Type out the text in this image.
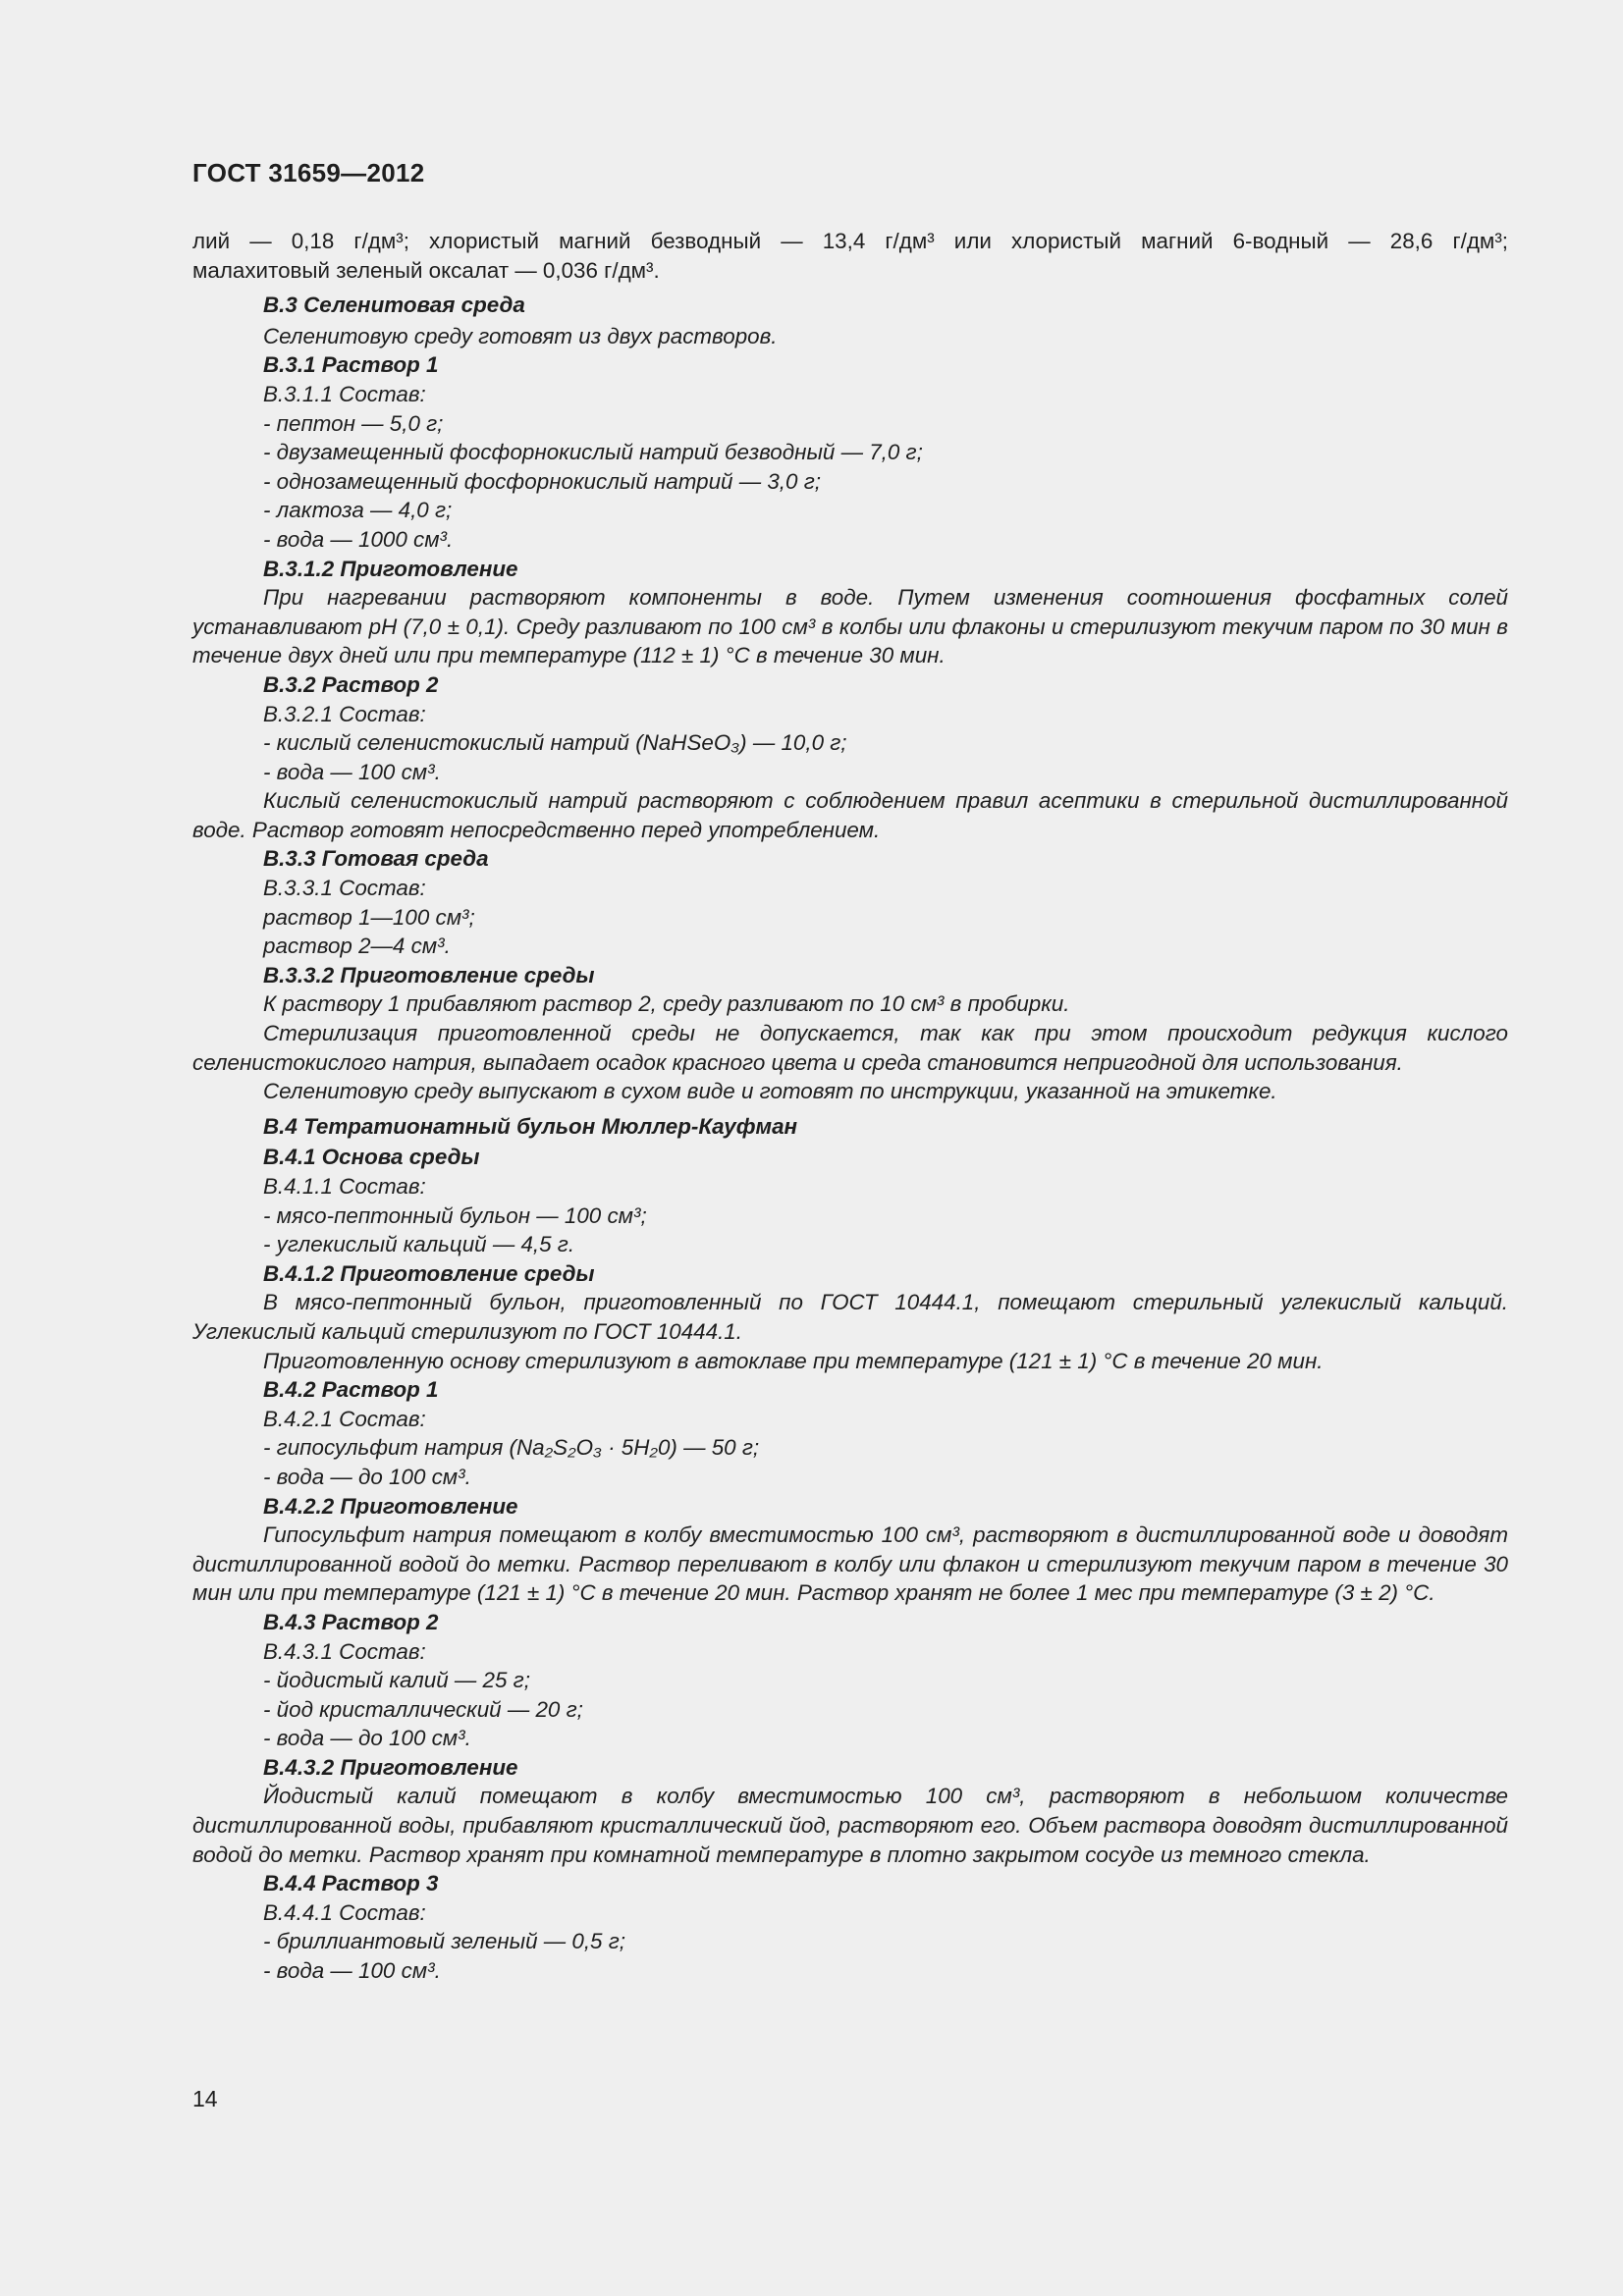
ГОСТ 31659—2012

лий — 0,18 г/дм³; хлористый магний безводный — 13,4 г/дм³ или хлористый магний 6-водный — 28,6 г/дм³;

малахитовый зеленый оксалат — 0,036 г/дм³.

В.3 Селенитовая среда

Селенитовую среду готовят из двух растворов.

В.3.1 Раствор 1

В.3.1.1 Состав:

- пептон — 5,0 г;

- двузамещенный фосфорнокислый натрий безводный — 7,0 г;

- однозамещенный фосфорнокислый натрий — 3,0 г;

- лактоза — 4,0 г;

- вода — 1000 см³.

В.3.1.2 Приготовление

При нагревании растворяют компоненты в воде. Путем изменения соотношения фосфатных солей устанавливают pH (7,0 ± 0,1). Среду разливают по 100 см³ в колбы или флаконы и стерилизуют текучим паром по 30 мин в течение двух дней или при температуре (112 ± 1) °С в течение 30 мин.

В.3.2 Раствор 2

В.3.2.1 Состав:

- кислый селенистокислый натрий (NaHSeO₃) — 10,0 г;

- вода — 100 см³.

Кислый селенистокислый натрий растворяют с соблюдением правил асептики в стерильной дистиллированной воде. Раствор готовят непосредственно перед употреблением.

В.3.3 Готовая среда

В.3.3.1 Состав:

раствор 1—100 см³;

раствор 2—4 см³.

В.3.3.2 Приготовление среды

К раствору 1 прибавляют раствор 2, среду разливают по 10 см³ в пробирки.

Стерилизация приготовленной среды не допускается, так как при этом происходит редукция кислого селенистокислого натрия, выпадает осадок красного цвета и среда становится непригодной для использования.

Селенитовую среду выпускают в сухом виде и готовят по инструкции, указанной на этикетке.

В.4 Тетратионатный бульон Мюллер-Кауфман

В.4.1 Основа среды

В.4.1.1 Состав:

- мясо-пептонный бульон — 100 см³;

- углекислый кальций — 4,5 г.

В.4.1.2 Приготовление среды

В мясо-пептонный бульон, приготовленный по ГОСТ 10444.1, помещают стерильный углекислый кальций. Углекислый кальций стерилизуют по ГОСТ 10444.1.

Приготовленную основу стерилизуют в автоклаве при температуре (121 ± 1) °С в течение 20 мин.

В.4.2 Раствор 1

В.4.2.1 Состав:

- гипосульфит натрия (Na₂S₂O₃ · 5H₂0) — 50 г;

- вода — до 100 см³.

В.4.2.2 Приготовление

Гипосульфит натрия помещают в колбу вместимостью 100 см³, растворяют в дистиллированной воде и доводят дистиллированной водой до метки. Раствор переливают в колбу или флакон и стерилизуют текучим паром в течение 30 мин или при температуре (121 ± 1) °С в течение 20 мин. Раствор хранят не более 1 мес при температуре (3 ± 2) °С.

В.4.3 Раствор 2

В.4.3.1 Состав:

- йодистый калий — 25 г;

- йод кристаллический — 20 г;

- вода — до 100 см³.

В.4.3.2 Приготовление

Йодистый калий помещают в колбу вместимостью 100 см³, растворяют в небольшом количестве дистиллированной воды, прибавляют кристаллический йод, растворяют его. Объем раствора доводят дистиллированной водой до метки. Раствор хранят при комнатной температуре в плотно закрытом сосуде из темного стекла.

В.4.4 Раствор 3

В.4.4.1 Состав:

- бриллиантовый зеленый — 0,5 г;

- вода — 100 см³.

14
